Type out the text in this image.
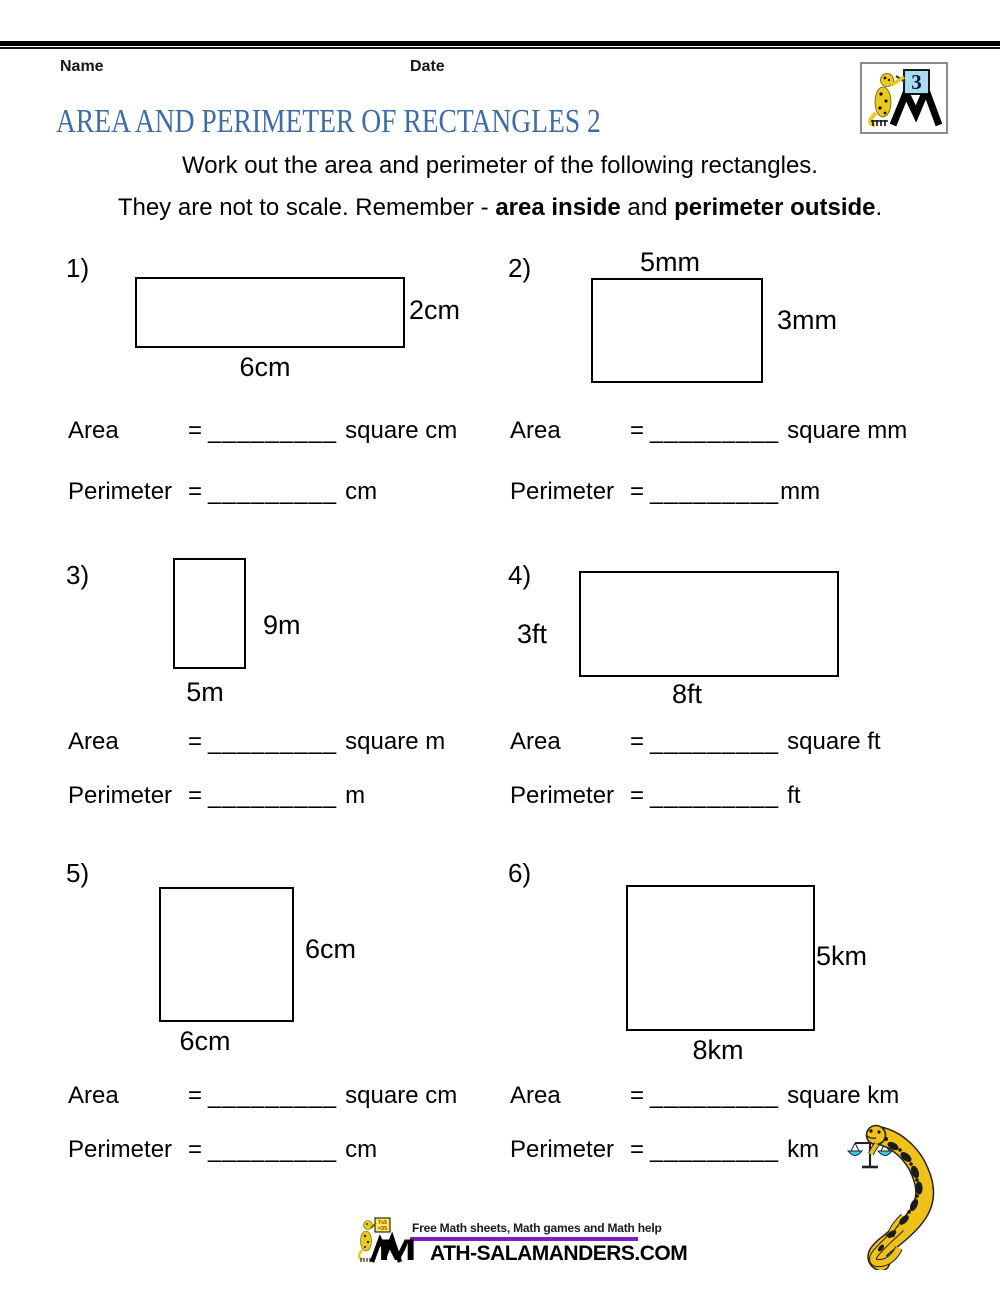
Name	Date
3
AREA AND PERIMETER OF RECTANGLES 2
Work out the area and perimeter of the following rectangles.
They are not to scale. Remember - area inside and perimeter outside.
1)
2cm
6cm
Area	= _________ square cm
Perimeter = _________ cm
2)	5mm
3mm
Area	= _________ square mm
Perimeter = _________mm
3)
9m
5m
Area	= _________ square m
Perimeter = _________ m
4)
3ft
8ft
Area	= _________ square ft
Perimeter = _________ ft
5)
6cm
6cm
Area	= _________ square cm
Perimeter = _________ cm
6)
5km
8km
Area	= _________ square km
Perimeter = _________ km
7x5
=35 Free Math sheets, Math games and Math help
M ATH-SALAMANDERS.COM
